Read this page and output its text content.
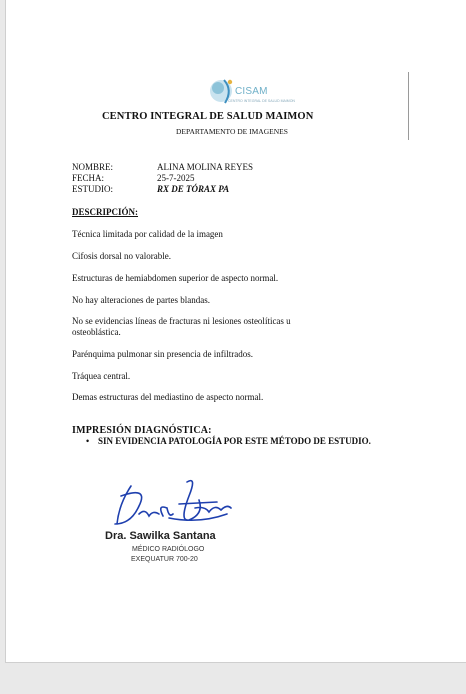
CISAM
CENTRO INTEGRAL DE SALUD MAIMON
CENTRO INTEGRAL DE SALUD MAIMON
DEPARTAMENTO DE IMAGENES
NOMBRE:	ALINA MOLINA REYES
FECHA:	25-7-2025
ESTUDIO:	RX DE TÓRAX PA
DESCRIPCIÓN:
Técnica limitada por calidad de la imagen
Cifosis dorsal no valorable.
Estructuras de hemiabdomen superior de aspecto normal.
No hay alteraciones de partes blandas.
No se evidencias líneas de fracturas ni lesiones osteolíticas u
osteoblástica.
Parénquima pulmonar sin presencia de infiltrados.
Tráquea central.
Demas estructuras del mediastino de aspecto normal.
IMPRESIÓN DIAGNÓSTICA:
• SIN EVIDENCIA PATOLOGÍA POR ESTE MÉTODO DE ESTUDIO.
Dra. Sawilka Santana
MÉDICO RADIÓLOGO
EXEQUATUR 700-20
